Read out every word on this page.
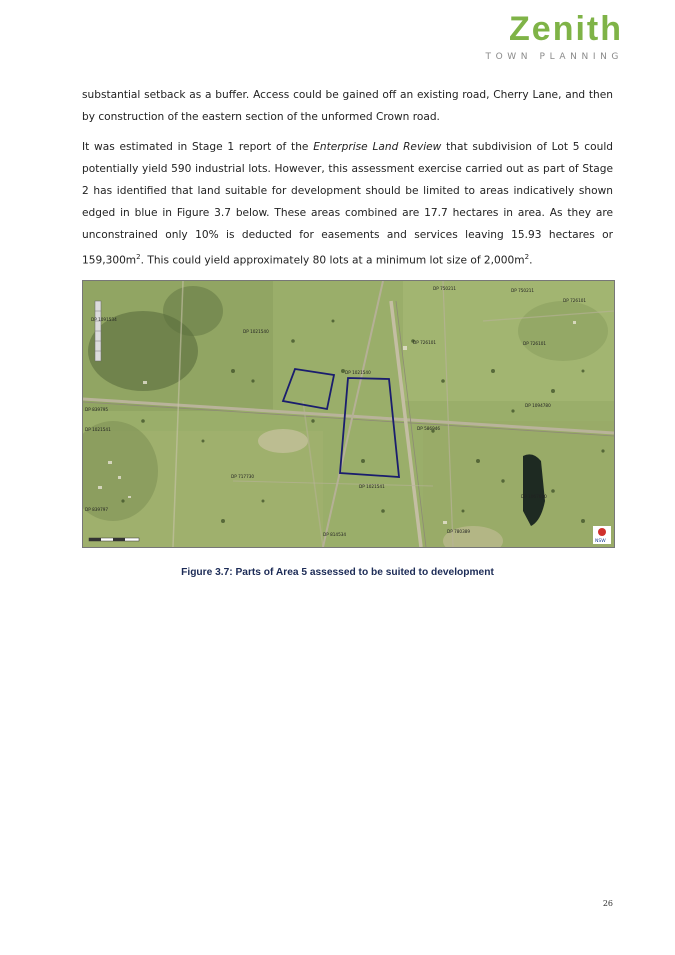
Zenith
TOWN PLANNING

substantial setback as a buffer. Access could be gained off an existing road, Cherry Lane, and then by construction of the eastern section of the unformed Crown road.

It was estimated in Stage 1 report of the Enterprise Land Review that subdivision of Lot 5 could potentially yield 590 industrial lots. However, this assessment exercise carried out as part of Stage 2 has identified that land suitable for development should be limited to areas indicatively shown edged in blue in Figure 3.7 below. These areas combined are 17.7 hectares in area. As they are unconstrained only 10% is deducted for easements and services leaving 15.93 hectares or $159,300m^2$. This could yield approximately 80 lots at a minimum lot size of $2,000m^2$.

DP 1091534
DP 1021540
DP 1021540
DP 750211	DP 750211
DP 726101
DP 726101	DP 726101
DP 1094780
DP 586946
DP 1021541
DP 717730
DP 814534
DP 780389
DP 1067660
DP 839795
DP 839797
DP 1021541
NSW
Figure 3.7: Parts of Area 5 assessed to be suited to development
26
